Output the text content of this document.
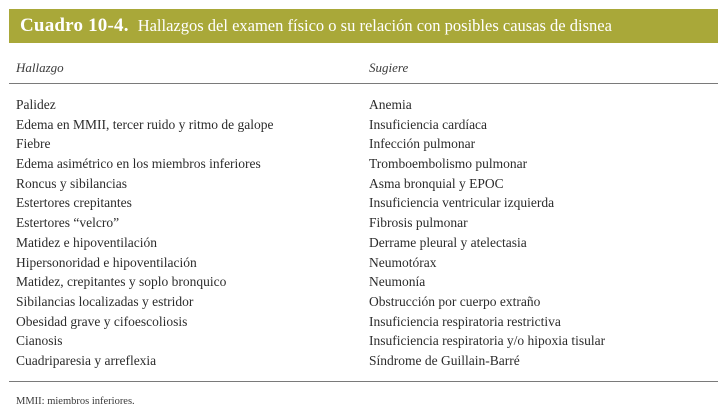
Cuadro 10-4. Hallazgos del examen físico o su relación con posibles causas de disnea
Hallazgo	Sugiere
Palidez	Anemia
Edema en MMII, tercer ruido y ritmo de galope	Insuficiencia cardíaca
Fiebre	Infección pulmonar
Edema asimétrico en los miembros inferiores	Tromboembolismo pulmonar
Roncus y sibilancias	Asma bronquial y EPOC
Estertores crepitantes	Insuficiencia ventricular izquierda
Estertores “velcro”	Fibrosis pulmonar
Matidez e hipoventilación	Derrame pleural y atelectasia
Hipersonoridad e hipoventilación	Neumotórax
Matidez, crepitantes y soplo bronquico	Neumonía
Sibilancias localizadas y estridor	Obstrucción por cuerpo extraño
Obesidad grave y cifoescoliosis	Insuficiencia respiratoria restrictiva
Cianosis	Insuficiencia respiratoria y/o hipoxia tisular
Cuadriparesia y arreflexia	Síndrome de Guillain-Barré
MMII: miembros inferiores.
